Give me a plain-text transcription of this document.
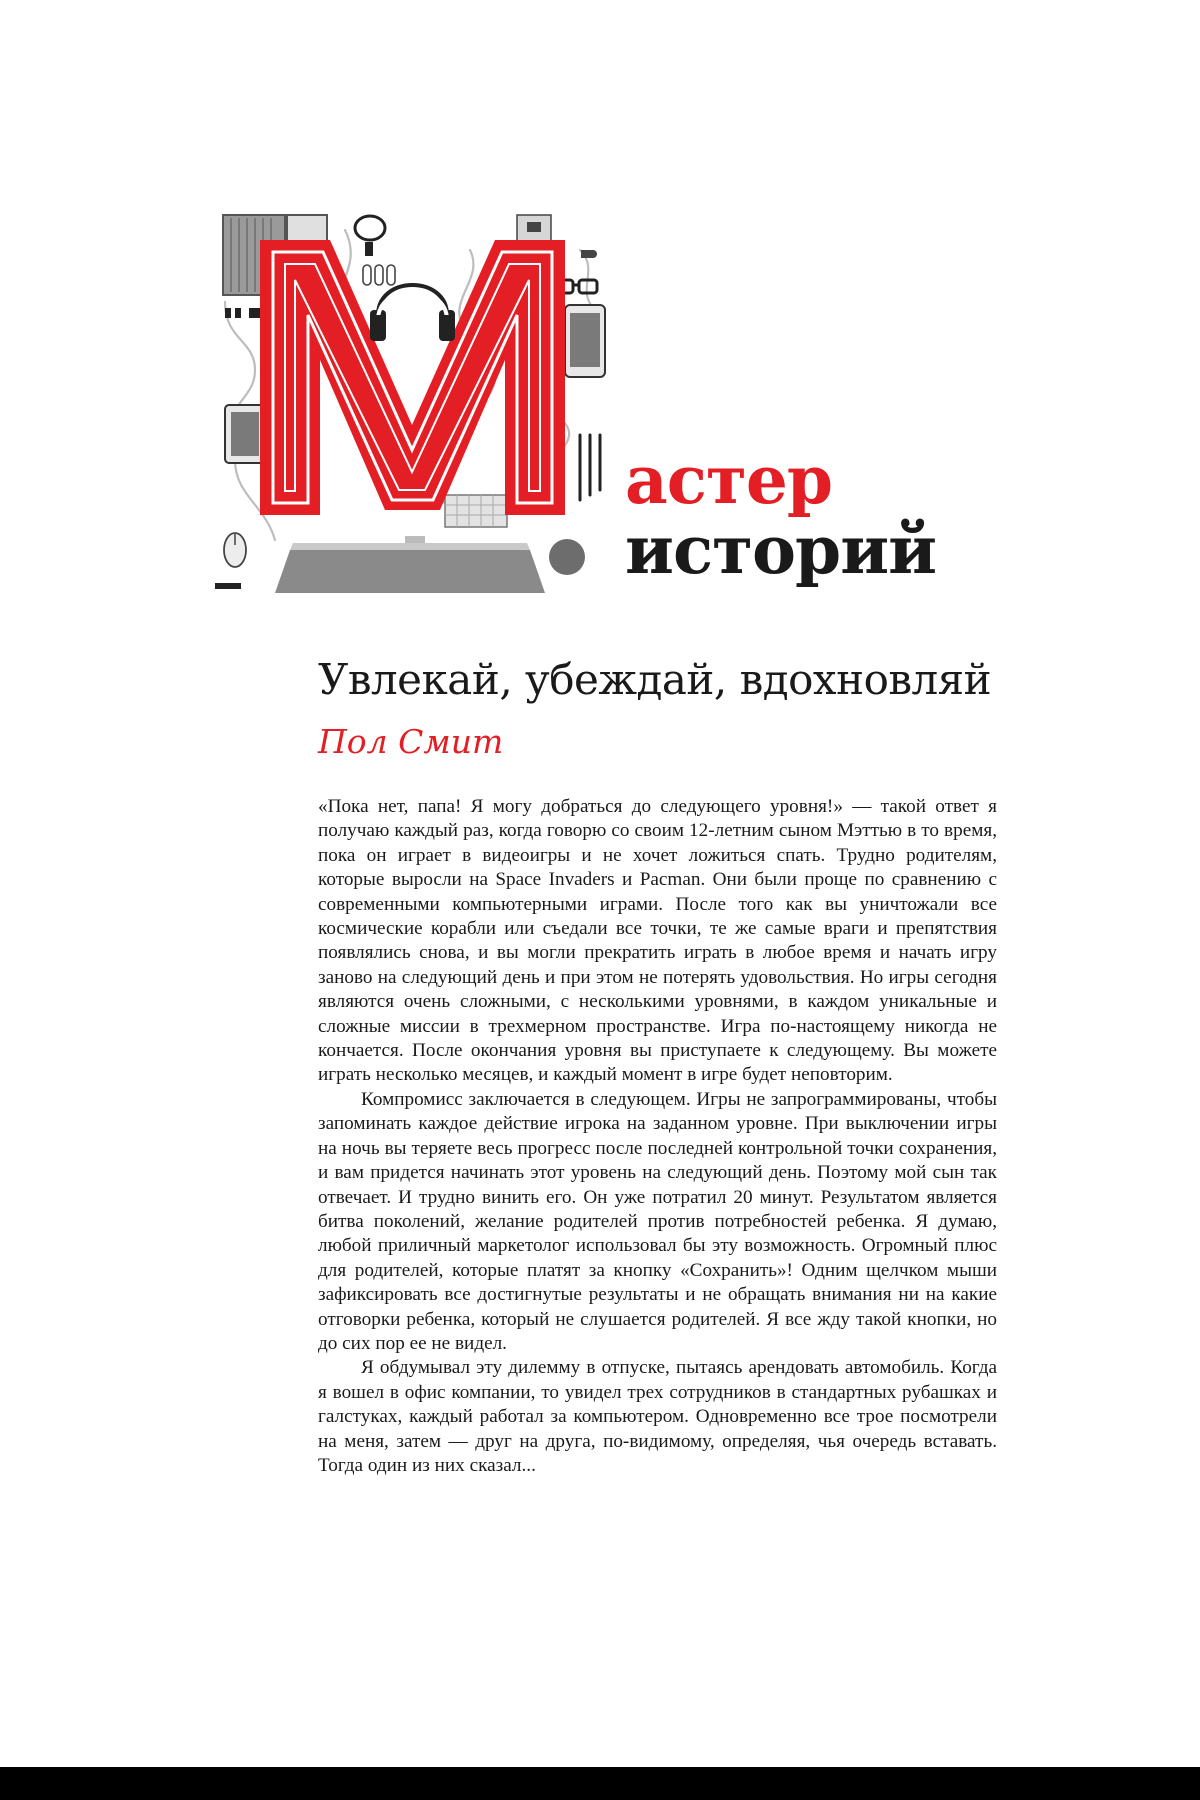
астер
историй
Увлекай, убеждай, вдохновляй
Пол Смит

«Пока нет, папа! Я могу добраться до следующего уровня!» — такой ответ я получаю каждый раз, когда говорю со своим 12-летним сыном Мэттью в то время, пока он играет в видеоигры и не хочет ложиться спать. Трудно родителям, которые выросли на Space Invaders и Pacman. Они были проще по сравнению с современными компьютерными играми. После того как вы уничтожали все космические корабли или съедали все точки, те же самые враги и препятствия появлялись снова, и вы могли прекратить играть в любое время и начать игру заново на следующий день и при этом не потерять удовольствия. Но игры сегодня являются очень сложными, с несколькими уровнями, в каждом уникальные и сложные миссии в трехмерном пространстве. Игра по-настоящему никогда не кончается. После окончания уровня вы приступаете к следующему. Вы можете играть несколько месяцев, и каждый момент в игре будет неповторим.

Компромисс заключается в следующем. Игры не запрограммированы, чтобы запоминать каждое действие игрока на заданном уровне. При выключении игры на ночь вы теряете весь прогресс после последней контрольной точки сохранения, и вам придется начинать этот уровень на следующий день. Поэтому мой сын так отвечает. И трудно винить его. Он уже потратил 20 минут. Результатом является битва поколений, желание родителей против потребностей ребенка. Я думаю, любой приличный маркетолог использовал бы эту возможность. Огромный плюс для родителей, которые платят за кнопку «Сохранить»! Одним щелчком мыши зафиксировать все достигнутые результаты и не обращать внимания ни на какие отговорки ребенка, который не слушается родителей. Я все жду такой кнопки, но до сих пор ее не видел.

Я обдумывал эту дилемму в отпуске, пытаясь арендовать автомобиль. Когда я вошел в офис компании, то увидел трех сотрудников в стандартных рубашках и галстуках, каждый работал за компьютером. Одновременно все трое посмотрели на меня, затем — друг на друга, по-видимому, определяя, чья очередь вставать. Тогда один из них сказал...
